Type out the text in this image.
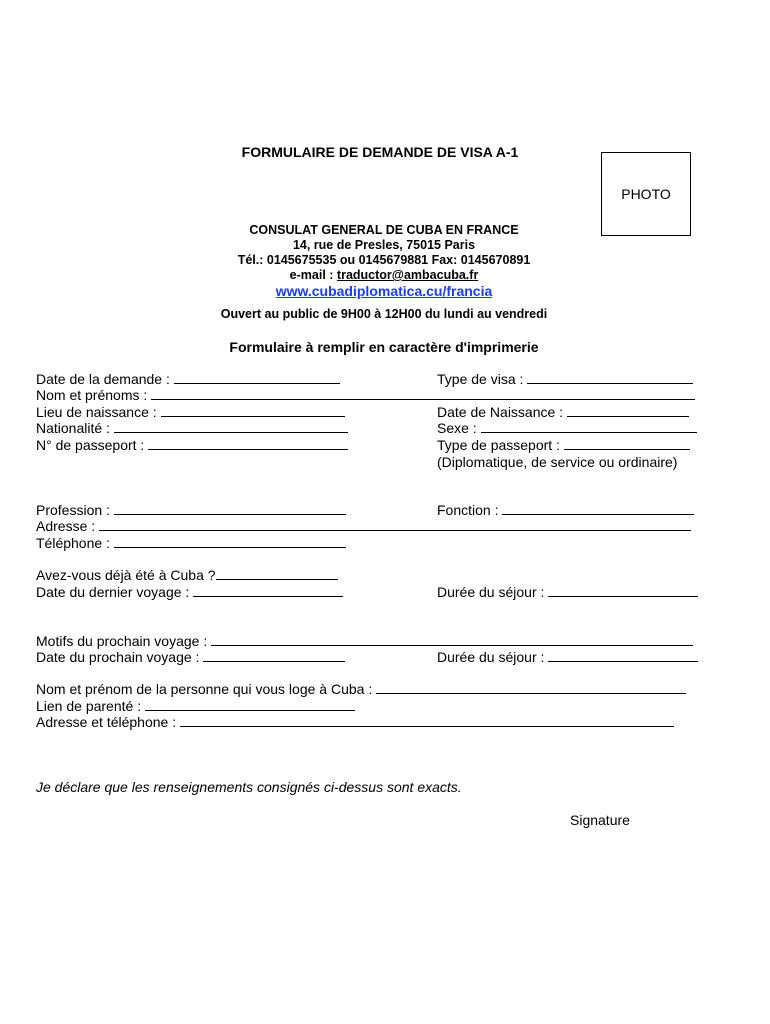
FORMULAIRE DE DEMANDE DE VISA A-1
PHOTO
CONSULAT GENERAL DE CUBA EN FRANCE
14, rue de Presles, 75015 Paris
Tél.: 0145675535 ou 0145679881 Fax: 0145670891
e-mail : traductor@ambacuba.fr
www.cubadiplomatica.cu/francia
Ouvert au public de 9H00 à 12H00 du lundi au vendredi
Formulaire à remplir en caractère d'imprimerie
Date de la demande :	Type de visa :
Nom et prénoms :
Lieu de naissance :	Date de Naissance :
Nationalité :	Sexe :
N° de passeport :	Type de passeport :
(Diplomatique, de service ou ordinaire)
Profession :	Fonction :
Adresse :
Téléphone :
Avez-vous déjà été à Cuba ?
Date du dernier voyage :	Durée du séjour :
Motifs du prochain voyage :
Date du prochain voyage :	Durée du séjour :
Nom et prénom de la personne qui vous loge à Cuba :
Lien de parenté :
Adresse et téléphone :
Je déclare que les renseignements consignés ci-dessus sont exacts.
Signature
